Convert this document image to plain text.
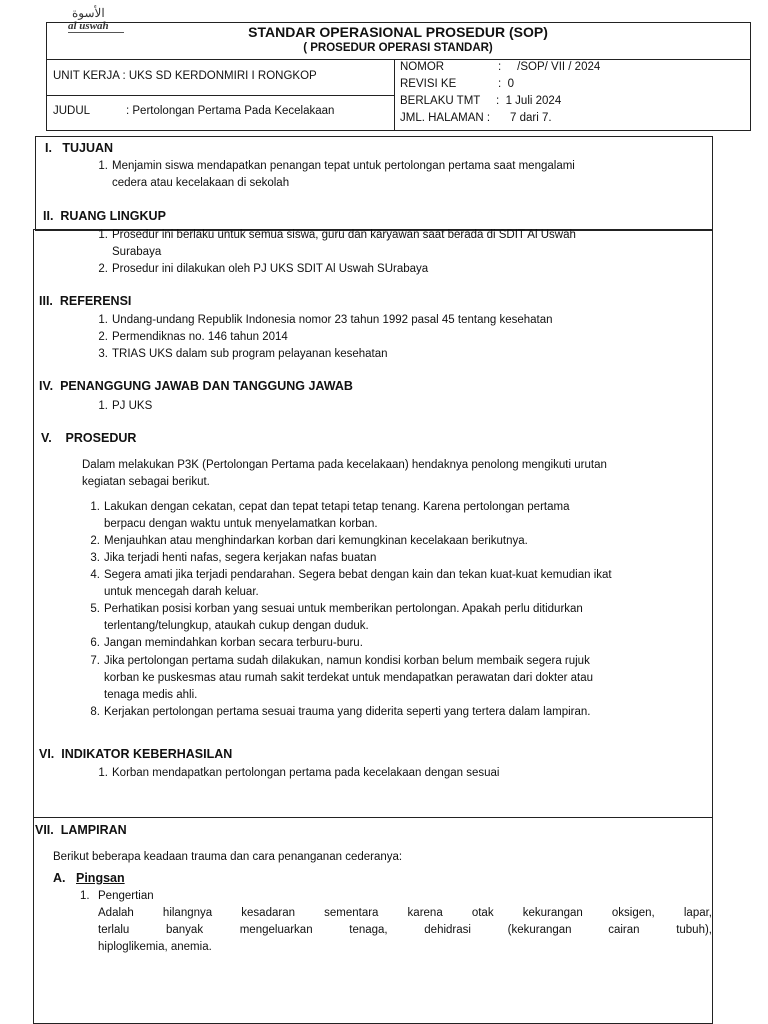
الأسوة
al uswah	STANDAR OPERASIONAL PROSEDUR (SOP)
( PROSEDUR OPERASI STANDAR)
UNIT KERJA : UKS SD KERDONMIRI I RONGKOP
JUDUL	: Pertolongan Pertama Pada Kecelakaan
NOMOR	:     /SOP/ VII / 2024
REVISI KE	:  0
BERLAKU TMT :  1 Juli 2024
JML. HALAMAN : 7 dari 7.
I.   TUJUAN
1. Menjamin siswa mendapatkan penangan tepat untuk pertolongan pertama saat mengalami
cedera atau kecelakaan di sekolah
II.  RUANG LINGKUP
1. Prosedur ini berlaku untuk semua siswa, guru dan karyawan saat berada di SDIT Al Uswah
Surabaya
2. Prosedur ini dilakukan oleh PJ UKS SDIT Al Uswah SUrabaya
III.  REFERENSI
1. Undang-undang Republik Indonesia nomor 23 tahun 1992 pasal 45 tentang kesehatan
2. Permendiknas no. 146 tahun 2014
3. TRIAS UKS dalam sub program pelayanan kesehatan
IV.  PENANGGUNG JAWAB DAN TANGGUNG JAWAB
1. PJ UKS
V.    PROSEDUR
Dalam melakukan P3K (Pertolongan Pertama pada kecelakaan) hendaknya penolong mengikuti urutan
kegiatan sebagai berikut.
1. Lakukan dengan cekatan, cepat dan tepat tetapi tetap tenang. Karena pertolongan pertama
berpacu dengan waktu untuk menyelamatkan korban.
2. Menjauhkan atau menghindarkan korban dari kemungkinan kecelakaan berikutnya.
3. Jika terjadi henti nafas, segera kerjakan nafas buatan
4. Segera amati jika terjadi pendarahan. Segera bebat dengan kain dan tekan kuat-kuat kemudian ikat
untuk mencegah darah keluar.
5. Perhatikan posisi korban yang sesuai untuk memberikan pertolongan. Apakah perlu ditidurkan
terlentang/telungkup, ataukah cukup dengan duduk.
6. Jangan memindahkan korban secara terburu-buru.
7. Jika pertolongan pertama sudah dilakukan, namun kondisi korban belum membaik segera rujuk
korban ke puskesmas atau rumah sakit terdekat untuk mendapatkan perawatan dari dokter atau
tenaga medis ahli.
8. Kerjakan pertolongan pertama sesuai trauma yang diderita seperti yang tertera dalam lampiran.
VI.  INDIKATOR KEBERHASILAN
1. Korban mendapatkan pertolongan pertama pada kecelakaan dengan sesuai
VII.  LAMPIRAN
Berikut beberapa keadaan trauma dan cara penanganan cederanya:
A. Pingsan
1. Pengertian
Adalah hilangnya kesadaran sementara karena otak kekurangan oksigen, lapar,
terlalu banyak mengeluarkan tenaga, dehidrasi (kekurangan cairan tubuh),
hiploglikemia, anemia.
